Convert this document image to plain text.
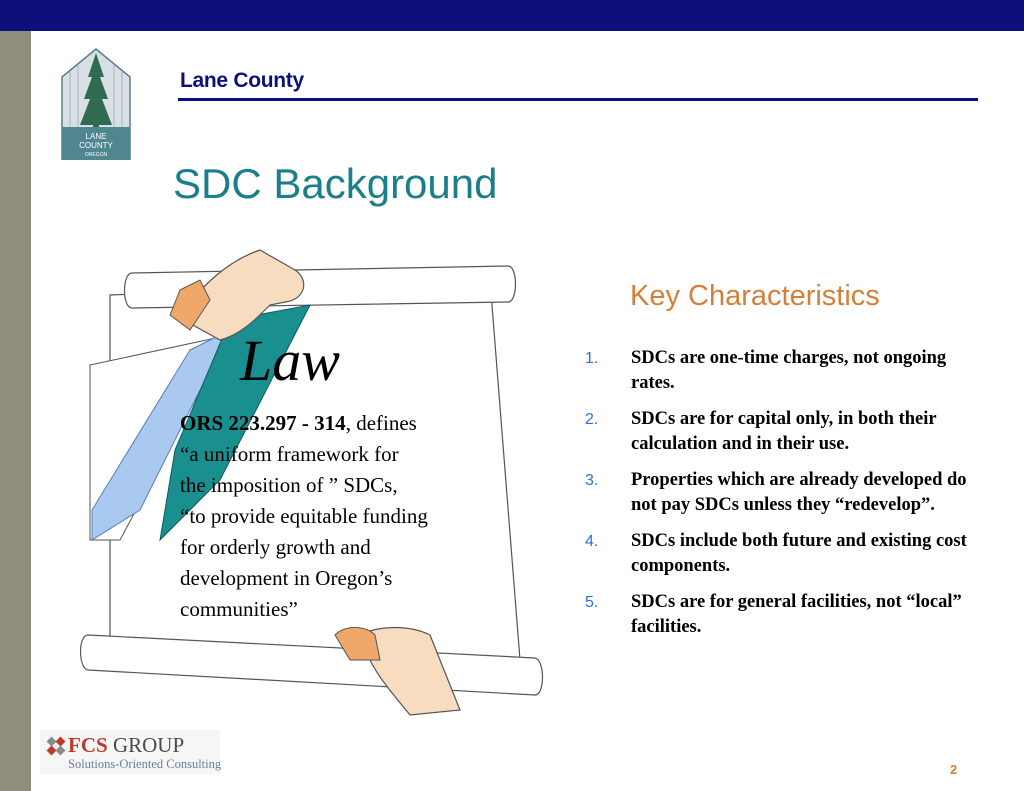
LANE
COUNTY
OREGON
Lane County
SDC Background
Law
ORS 223.297 - 314, defines
“a uniform framework for
the imposition of ” SDCs,
“to provide equitable funding
for orderly growth and
development in Oregon’s
communities”
Key Characteristics
1. SDCs are one-time charges, not ongoing rates.
2. SDCs are for capital only, in both their calculation and in their use.
3. Properties which are already developed do not pay SDCs unless they “redevelop”.
4. SDCs include both future and existing cost components.
5. SDCs are for general facilities, not “local” facilities.
FCS GROUP
Solutions-Oriented Consulting	2
